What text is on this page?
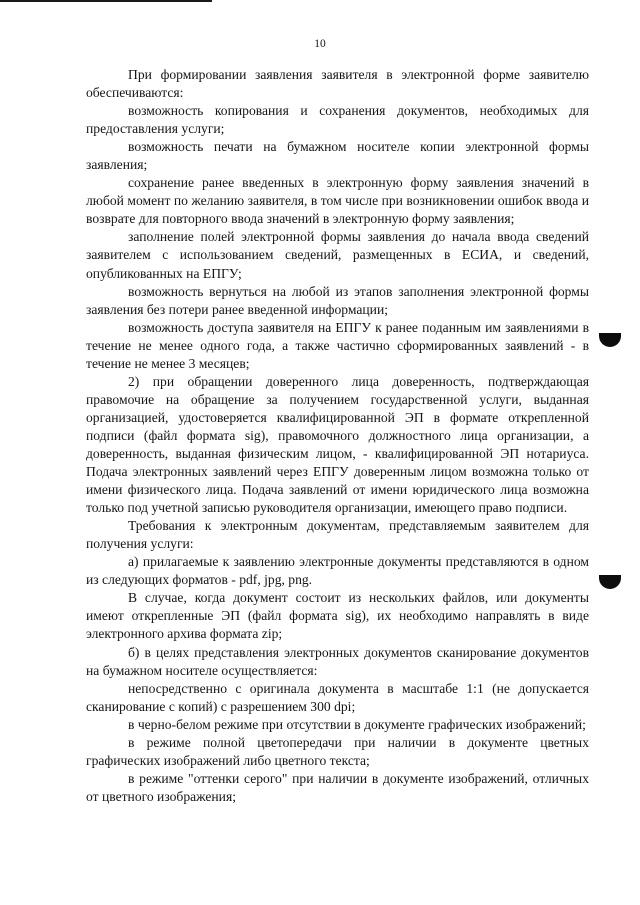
10

При формировании заявления заявителя в электронной форме заявителю обеспечиваются:

возможность копирования и сохранения документов, необходимых для предоставления услуги;

возможность печати на бумажном носителе копии электронной формы заявления;

сохранение ранее введенных в электронную форму заявления значений в любой момент по желанию заявителя, в том числе при возникновении ошибок ввода и возврате для повторного ввода значений в электронную форму заявления;

заполнение полей электронной формы заявления до начала ввода сведений заявителем с использованием сведений, размещенных в ЕСИА, и сведений, опубликованных на ЕПГУ;

возможность вернуться на любой из этапов заполнения электронной формы заявления без потери ранее введенной информации;

возможность доступа заявителя на ЕПГУ к ранее поданным им заявлениями в течение не менее одного года, а также частично сформированных заявлений - в течение не менее 3 месяцев;

2) при обращении доверенного лица доверенность, подтверждающая правомочие на обращение за получением государственной услуги, выданная организацией, удостоверяется квалифицированной ЭП в формате открепленной подписи (файл формата sig), правомочного должностного лица организации, а доверенность, выданная физическим лицом, - квалифицированной ЭП нотариуса. Подача электронных заявлений через ЕПГУ доверенным лицом возможна только от имени физического лица. Подача заявлений от имени юридического лица возможна только под учетной записью руководителя организации, имеющего право подписи.

Требования к электронным документам, представляемым заявителем для получения услуги:

а) прилагаемые к заявлению электронные документы представляются в одном из следующих форматов - pdf, jpg, png.

В случае, когда документ состоит из нескольких файлов, или документы имеют открепленные ЭП (файл формата sig), их необходимо направлять в виде электронного архива формата zip;

б) в целях представления электронных документов сканирование документов на бумажном носителе осуществляется:

непосредственно с оригинала документа в масштабе 1:1 (не допускается сканирование с копий) с разрешением 300 dpi;

в черно-белом режиме при отсутствии в документе графических изображений;

в режиме полной цветопередачи при наличии в документе цветных графических изображений либо цветного текста;

в режиме "оттенки серого" при наличии в документе изображений, отличных от цветного изображения;
